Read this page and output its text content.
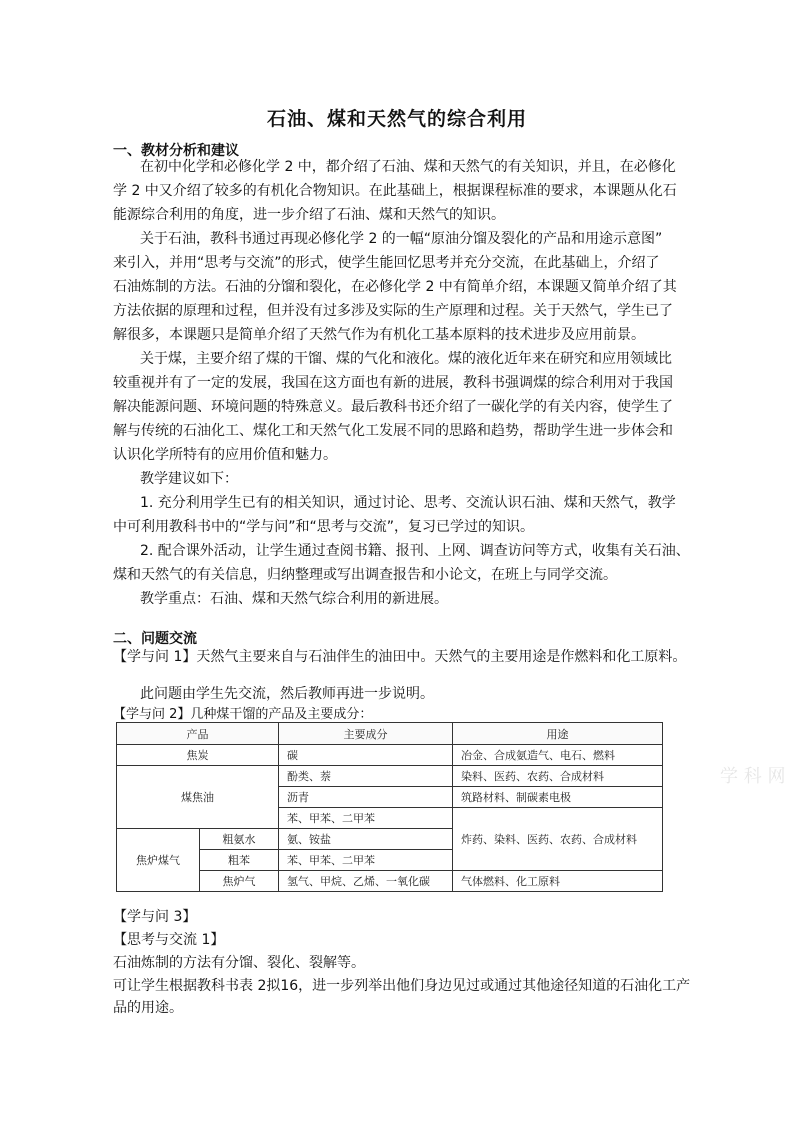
石油、煤和天然气的综合利用
一、教材分析和建议
在初中化学和必修化学 2 中，都介绍了石油、煤和天然气的有关知识，并且，在必修化
学 2 中又介绍了较多的有机化合物知识。在此基础上，根据课程标准的要求，本课题从化石
能源综合利用的角度，进一步介绍了石油、煤和天然气的知识。
关于石油，教科书通过再现必修化学 2 的一幅“原油分馏及裂化的产品和用途示意图”
来引入，并用“思考与交流”的形式，使学生能回忆思考并充分交流，在此基础上，介绍了
石油炼制的方法。石油的分馏和裂化，在必修化学 2 中有简单介绍，本课题又简单介绍了其
方法依据的原理和过程，但并没有过多涉及实际的生产原理和过程。关于天然气，学生已了
解很多，本课题只是简单介绍了天然气作为有机化工基本原料的技术进步及应用前景。
关于煤，主要介绍了煤的干馏、煤的气化和液化。煤的液化近年来在研究和应用领域比
较重视并有了一定的发展，我国在这方面也有新的进展，教科书强调煤的综合利用对于我国
解决能源问题、环境问题的特殊意义。最后教科书还介绍了一碳化学的有关内容，使学生了
解与传统的石油化工、煤化工和天然气化工发展不同的思路和趋势，帮助学生进一步体会和
认识化学所特有的应用价值和魅力。
教学建议如下：
1. 充分利用学生已有的相关知识，通过讨论、思考、交流认识石油、煤和天然气，教学
中可利用教科书中的“学与问”和“思考与交流”，复习已学过的知识。
2. 配合课外活动，让学生通过查阅书籍、报刊、上网、调查访问等方式，收集有关石油、
煤和天然气的有关信息，归纳整理或写出调查报告和小论文，在班上与同学交流。
教学重点：石油、煤和天然气综合利用的新进展。
二、问题交流
【学与问 1】天然气主要来自与石油伴生的油田中。天然气的主要用途是作燃料和化工原料。
此问题由学生先交流，然后教师再进一步说明。
【学与问 2】几种煤干馏的产品及主要成分：
产品		主要成分	用途
焦炭		碳	冶金、合成氨造气、电石、燃料
煤焦油		酚类、萘	染料、医药、农药、合成材料
		沥青	筑路材料、制碳素电极
		苯、甲苯、二甲苯	炸药、染料、医药、农药、合成材料
焦炉煤气	粗氨水	氨、铵盐	
	粗苯	苯、甲苯、二甲苯	
	焦炉气	氢气、甲烷、乙烯、一氧化碳	气体燃料、化工原料
学 科 网
【学与问 3】
【思考与交流 1】
石油炼制的方法有分馏、裂化、裂解等。
可让学生根据教科书表 2拟16，进一步列举出他们身边见过或通过其他途径知道的石油化工产
品的用途。
